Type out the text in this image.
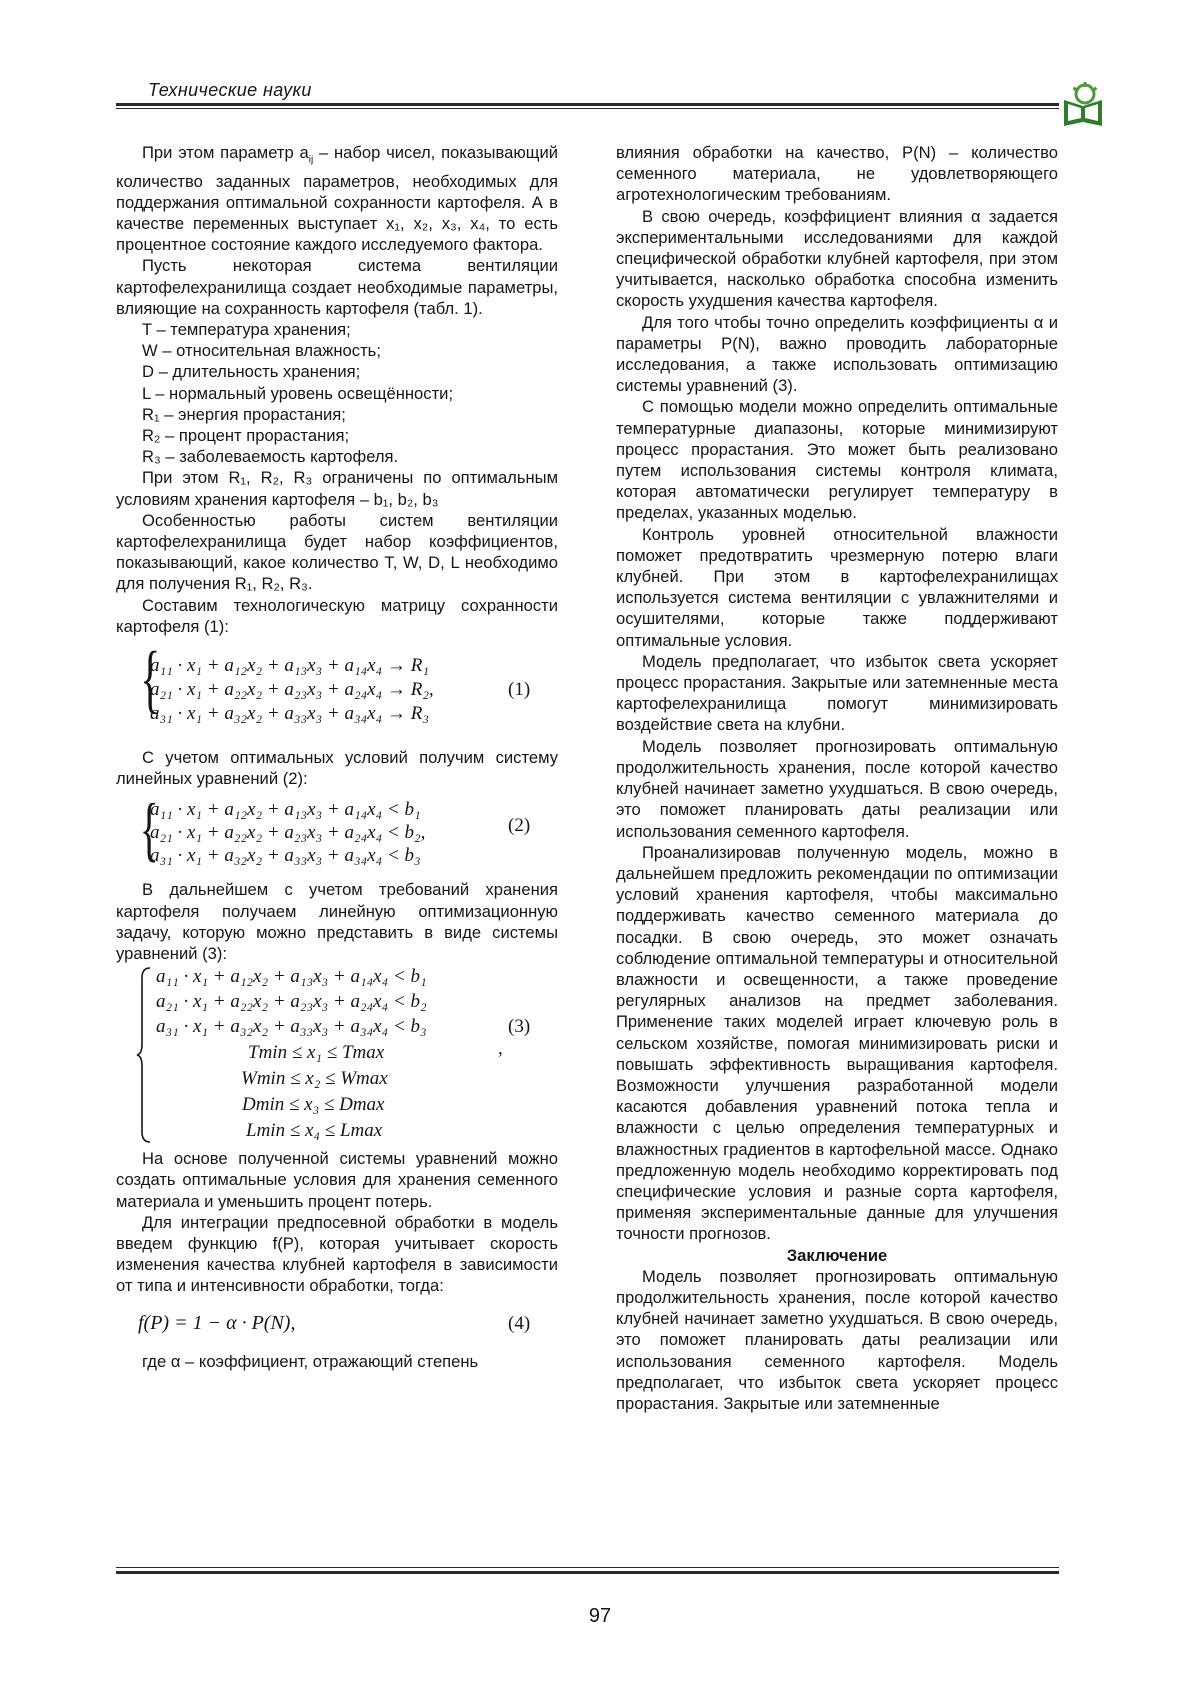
Технические науки

При этом параметр $a_{ij}$ – набор чисел, показывающий количество заданных параметров, необходимых для поддержания оптимальной сохранности картофеля. А в качестве переменных выступает x₁, x₂, x₃, x₄, то есть процентное состояние каждого исследуемого фактора.

Пусть некоторая система вентиляции картофелехранилища создает необходимые параметры, влияющие на сохранность картофеля (табл. 1).

T – температура хранения;

W – относительная влажность;

D – длительность хранения;

L – нормальный уровень освещённости;

R₁ – энергия прорастания;

R₂ – процент прорастания;

R₃ – заболеваемость картофеля.

При этом R₁, R₂, R₃ ограничены по оптимальным условиям хранения картофеля – b₁, b₂, b₃

Особенностью работы систем вентиляции картофелехранилища будет набор коэффициентов, показывающий, какое количество T, W, D, L необходимо для получения R₁, R₂, R₃.

Составим технологическую матрицу сохранности картофеля (1):

{
a₁₁ · x₁ + a₁₂x₂ + a₁₃x₃ + a₁₄x₄ → R₁
a₂₁ · x₁ + a₂₂x₂ + a₂₃x₃ + a₂₄x₄ → R₂,
a₃₁ · x₁ + a₃₂x₂ + a₃₃x₃ + a₃₄x₄ → R₃
(1)

С учетом оптимальных условий получим систему линейных уравнений (2):

{
a₁₁ · x₁ + a₁₂x₂ + a₁₃x₃ + a₁₄x₄ < b₁
a₂₁ · x₁ + a₂₂x₂ + a₂₃x₃ + a₂₄x₄ < b₂,
a₃₁ · x₁ + a₃₂x₂ + a₃₃x₃ + a₃₄x₄ < b₃
(2)

В дальнейшем с учетом требований хранения картофеля получаем линейную оптимизационную задачу, которую можно представить в виде системы уравнений (3):

a₁₁ · x₁ + a₁₂x₂ + a₁₃x₃ + a₁₄x₄ < b₁
a₂₁ · x₁ + a₂₂x₂ + a₂₃x₃ + a₂₄x₄ < b₂
a₃₁ · x₁ + a₃₂x₂ + a₃₃x₃ + a₃₄x₄ < b₃
Tmin ≤ x₁ ≤ Tmax
Wmin ≤ x₂ ≤ Wmax
Dmin ≤ x₃ ≤ Dmax
Lmin ≤ x₄ ≤ Lmax
(3)
,

На основе полученной системы уравнений можно создать оптимальные условия для хранения семенного материала и уменьшить процент потерь.

Для интеграции предпосевной обработки в модель введем функцию f(P), которая учитывает скорость изменения качества клубней картофеля в зависимости от типа и интенсивности обработки, тогда:

f(P) = 1 − α · P(N),	(4)

где α – коэффициент, отражающий степень

влияния обработки на качество, P(N) – количество семенного материала, не удовлетворяющего агротехнологическим требованиям.

В свою очередь, коэффициент влияния α задается экспериментальными исследованиями для каждой специфической обработки клубней картофеля, при этом учитывается, насколько обработка способна изменить скорость ухудшения качества картофеля.

Для того чтобы точно определить коэффициенты α и параметры P(N), важно проводить лабораторные исследования, а также использовать оптимизацию системы уравнений (3).

С помощью модели можно определить оптимальные температурные диапазоны, которые минимизируют процесс прорастания. Это может быть реализовано путем использования системы контроля климата, которая автоматически регулирует температуру в пределах, указанных моделью.

Контроль уровней относительной влажности поможет предотвратить чрезмерную потерю влаги клубней. При этом в картофелехранилищах используется система вентиляции с увлажнителями и осушителями, которые также поддерживают оптимальные условия.

Модель предполагает, что избыток света ускоряет процесс прорастания. Закрытые или затемненные места картофелехранилища помогут минимизировать воздействие света на клубни.

Модель позволяет прогнозировать оптимальную продолжительность хранения, после которой качество клубней начинает заметно ухудшаться. В свою очередь, это поможет планировать даты реализации или использования семенного картофеля.

Проанализировав полученную модель, можно в дальнейшем предложить рекомендации по оптимизации условий хранения картофеля, чтобы максимально поддерживать качество семенного материала до посадки. В свою очередь, это может означать соблюдение оптимальной температуры и относительной влажности и освещенности, а также проведение регулярных анализов на предмет заболевания. Применение таких моделей играет ключевую роль в сельском хозяйстве, помогая минимизировать риски и повышать эффективность выращивания картофеля. Возможности улучшения разработанной модели касаются добавления уравнений потока тепла и влажности с целью определения температурных и влажностных градиентов в картофельной массе. Однако предложенную модель необходимо корректировать под специфические условия и разные сорта картофеля, применяя экспериментальные данные для улучшения точности прогнозов.

Заключение

Модель позволяет прогнозировать оптимальную продолжительность хранения, после которой качество клубней начинает заметно ухудшаться. В свою очередь, это поможет планировать даты реализации или использования семенного картофеля. Модель предполагает, что избыток света ускоряет процесс прорастания. Закрытые или затемненные

97
